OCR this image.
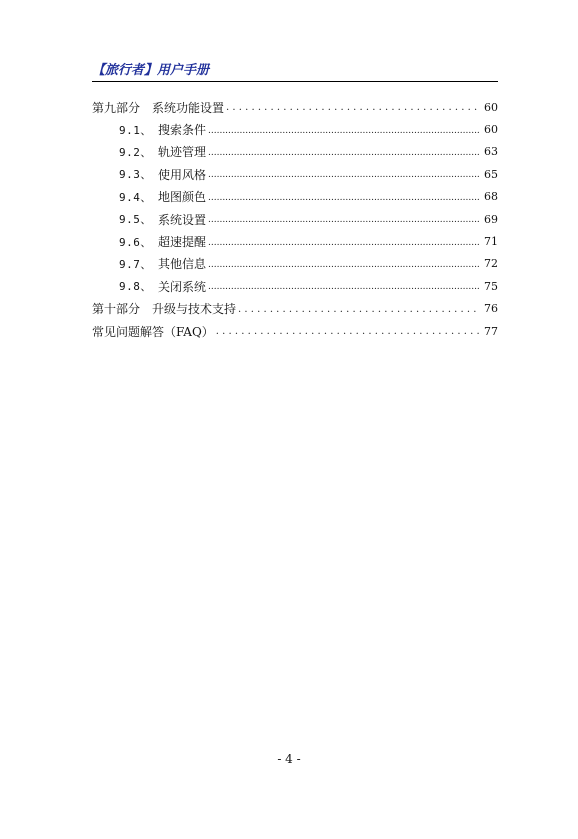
【旅行者】用户手册
第九部分 系统功能设置 . . .	60
9.1、 搜索条件 .....	60
9.2、 轨迹管理 .....	63
9.3、 使用风格 .....	65
9.4、 地图颜色 .....	68
9.5、 系统设置 .....	69
9.6、 超速提醒 .....	71
9.7、 其他信息 .....	72
9.8、 关闭系统 .....	75
第十部分 升级与技术支持 . . .	76
常见问题解答（FAQ） . . .	77
- 4 -
